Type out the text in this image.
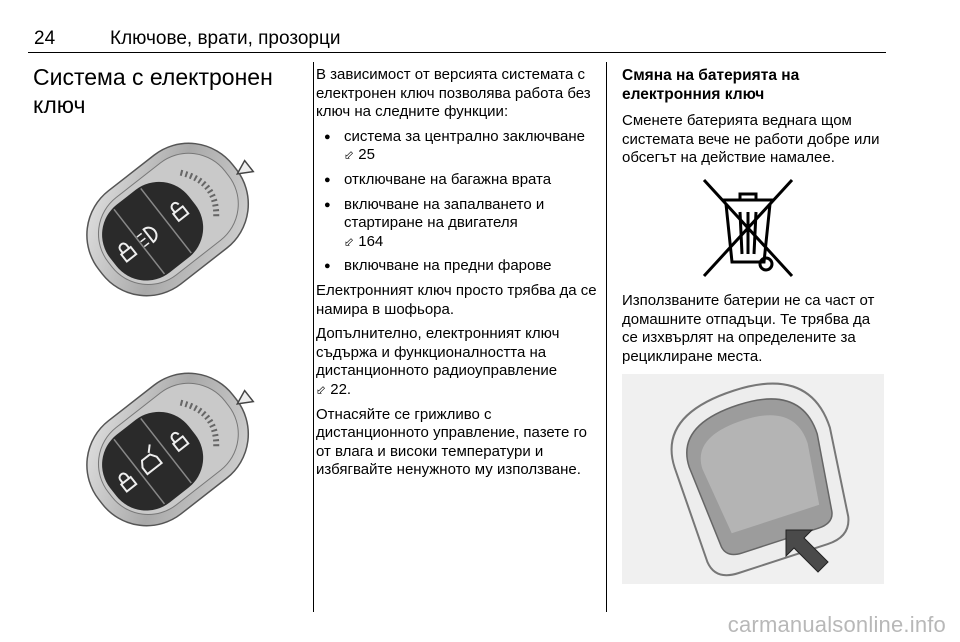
24	Ключове, врати, прозорци
Система с електронен ключ

В зависимост от версията системата с електронен ключ позволява работа без ключ на следните функции:

● система за централно заключване ⬃ 25
● отключване на багажна врата
● включване на запалването и стартиране на двигателя
⬃ 164
● включване на предни фарове

Електронният ключ просто трябва да се намира в шофьора.

Допълнително, електронният ключ съдържа и функционалността на дистанционното радиоуправление
⬃ 22.

Отнасяйте се грижливо с дистанционното управление, пазете го от влага и високи температури и избягвайте ненужното му използване.

Смяна на батерията на електронния ключ

Сменете батерията веднага щом системата вече не работи добре или обсегът на действие намалее.

Използваните батерии не са част от домашните отпадъци. Те трябва да се изхвърлят на определените за рециклиране места.

carmanualsonline.info
